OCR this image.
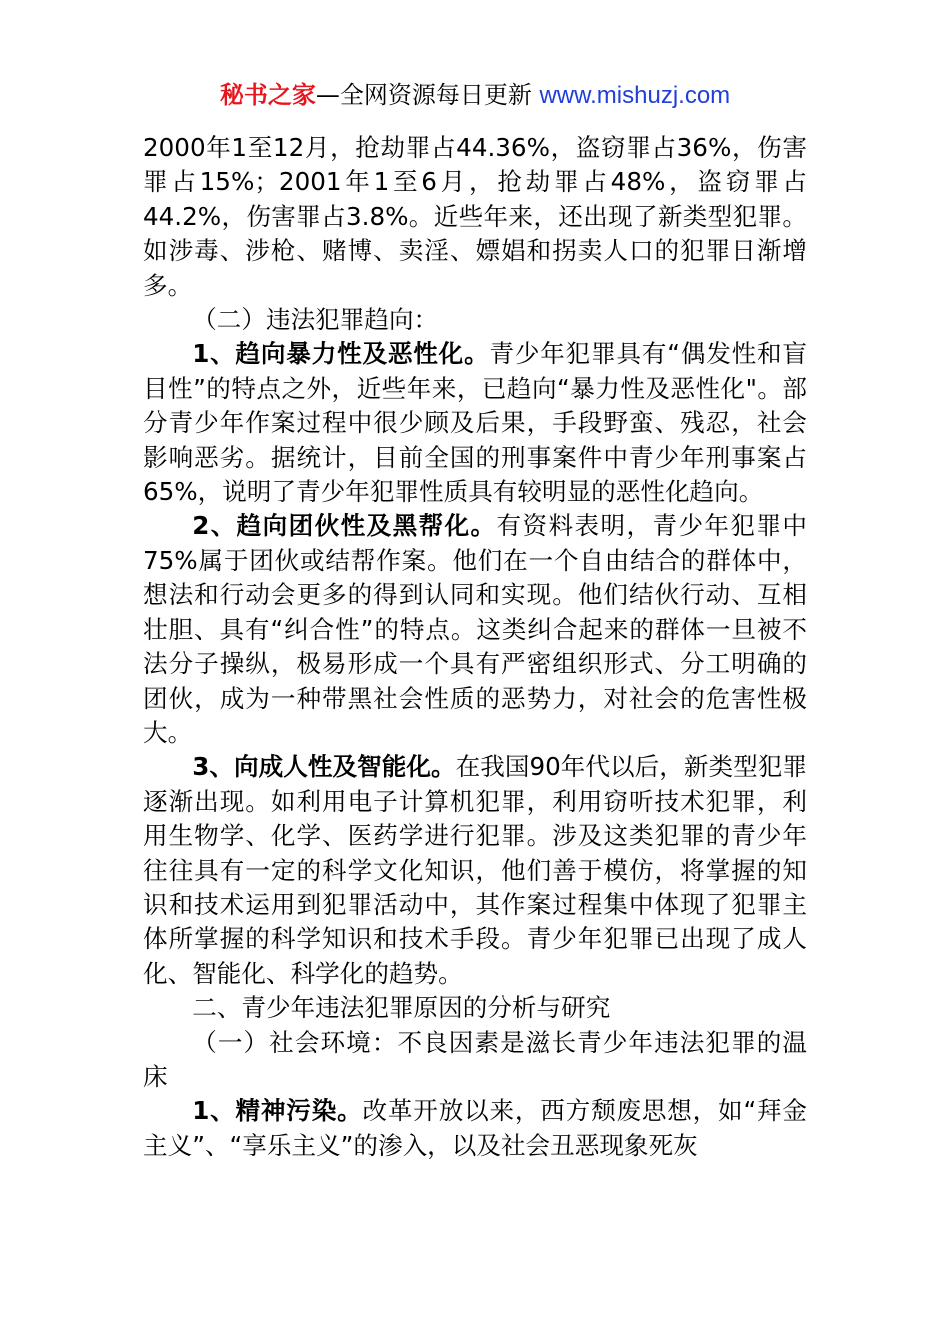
秘书之家—全网资源每日更新 www.mishuzj.com

2000年1至12月，抢劫罪占44.36%，盗窃罪占36%，伤害罪占15%；2001年1至6月，抢劫罪占48%，盗窃罪占44.2%，伤害罪占3.8%。近些年来，还出现了新类型犯罪。如涉毒、涉枪、赌博、卖淫、嫖娼和拐卖人口的犯罪日渐增多。

（二）违法犯罪趋向：

1、趋向暴力性及恶性化。青少年犯罪具有“偶发性和盲目性”的特点之外，近些年来，已趋向“暴力性及恶性化"。部分青少年作案过程中很少顾及后果，手段野蛮、残忍，社会影响恶劣。据统计，目前全国的刑事案件中青少年刑事案占65%，说明了青少年犯罪性质具有较明显的恶性化趋向。

2、趋向团伙性及黑帮化。有资料表明，青少年犯罪中75%属于团伙或结帮作案。他们在一个自由结合的群体中，想法和行动会更多的得到认同和实现。他们结伙行动、互相壮胆、具有“纠合性”的特点。这类纠合起来的群体一旦被不法分子操纵，极易形成一个具有严密组织形式、分工明确的团伙，成为一种带黑社会性质的恶势力，对社会的危害性极大。

3、向成人性及智能化。在我国90年代以后，新类型犯罪逐渐出现。如利用电子计算机犯罪，利用窃听技术犯罪，利用生物学、化学、医药学进行犯罪。涉及这类犯罪的青少年往往具有一定的科学文化知识，他们善于模仿，将掌握的知识和技术运用到犯罪活动中，其作案过程集中体现了犯罪主体所掌握的科学知识和技术手段。青少年犯罪已出现了成人化、智能化、科学化的趋势。

二、青少年违法犯罪原因的分析与研究

（一）社会环境：不良因素是滋长青少年违法犯罪的温床

1、精神污染。改革开放以来，西方颓废思想，如“拜金主义”、“享乐主义”的渗入，以及社会丑恶现象死灰
